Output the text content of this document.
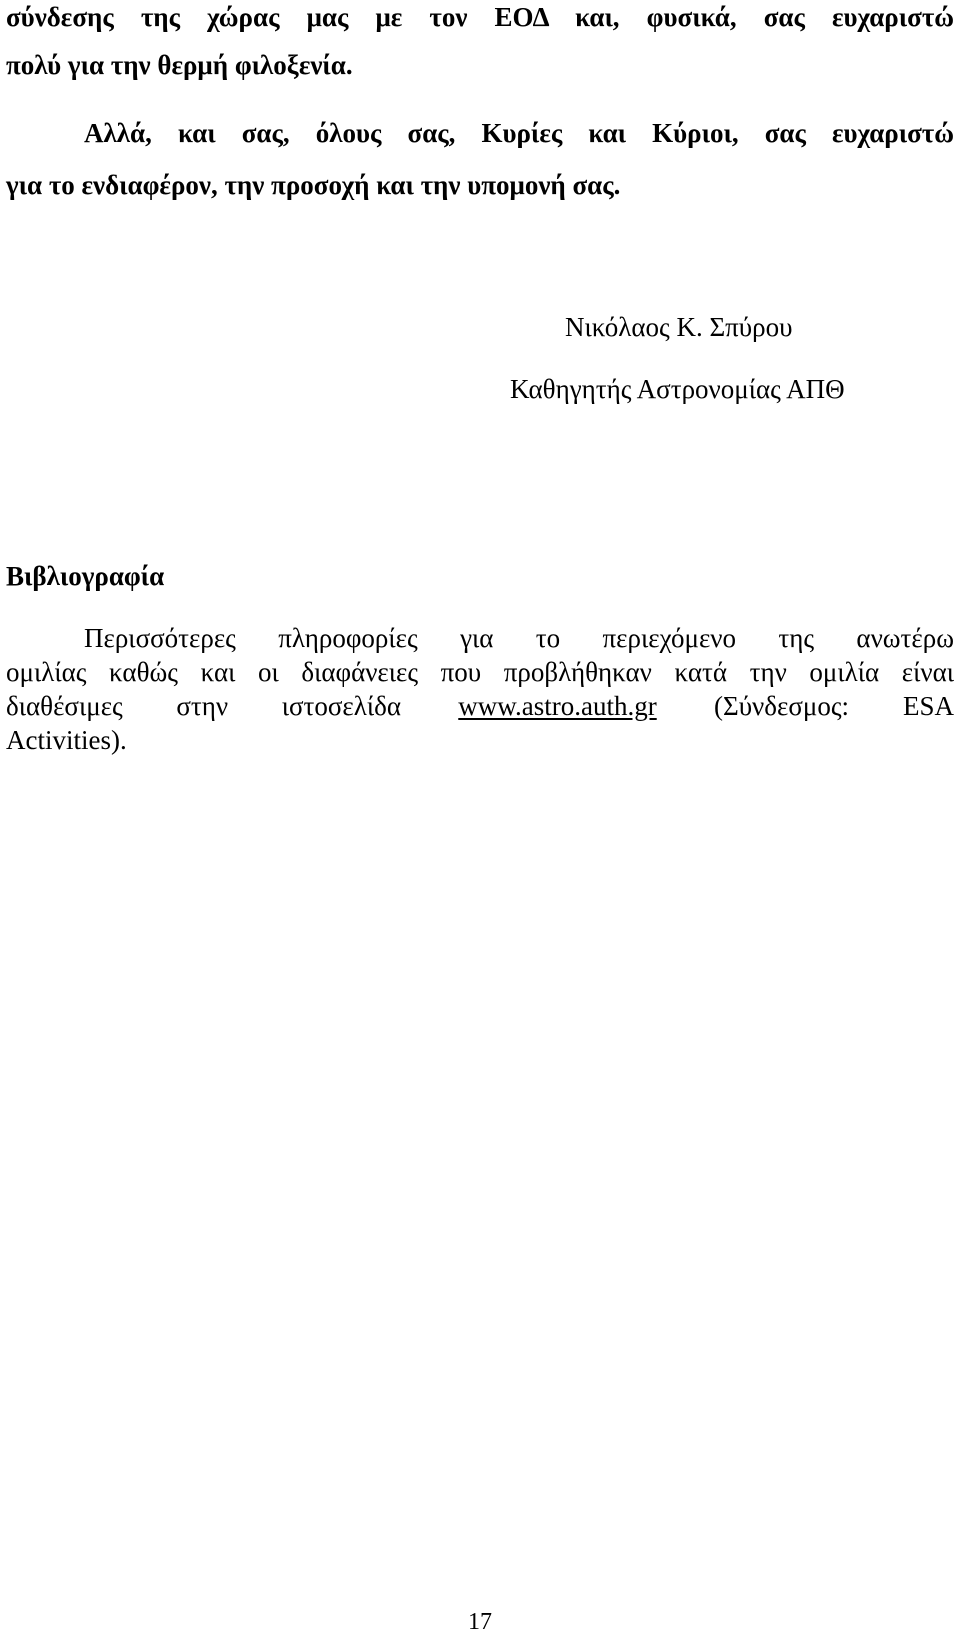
σύνδεσης της χώρας μας με τον ΕΟΔ και, φυσικά, σας ευχαριστώ
πολύ για την θερμή φιλοξενία.
Αλλά, και σας, όλους σας, Κυρίες και Κύριοι, σας ευχαριστώ
για το ενδιαφέρον, την προσοχή και την υπομονή σας.
Νικόλαος Κ. Σπύρου
Καθηγητής Αστρονομίας ΑΠΘ
Βιβλιογραφία
Περισσότερες πληροφορίες για το περιεχόμενο της ανωτέρω
ομιλίας καθώς και οι διαφάνειες που προβλήθηκαν κατά την ομιλία είναι
διαθέσιμες στην ιστοσελίδα www.astro.auth.gr (Σύνδεσμος: ESA
Activities).
17
